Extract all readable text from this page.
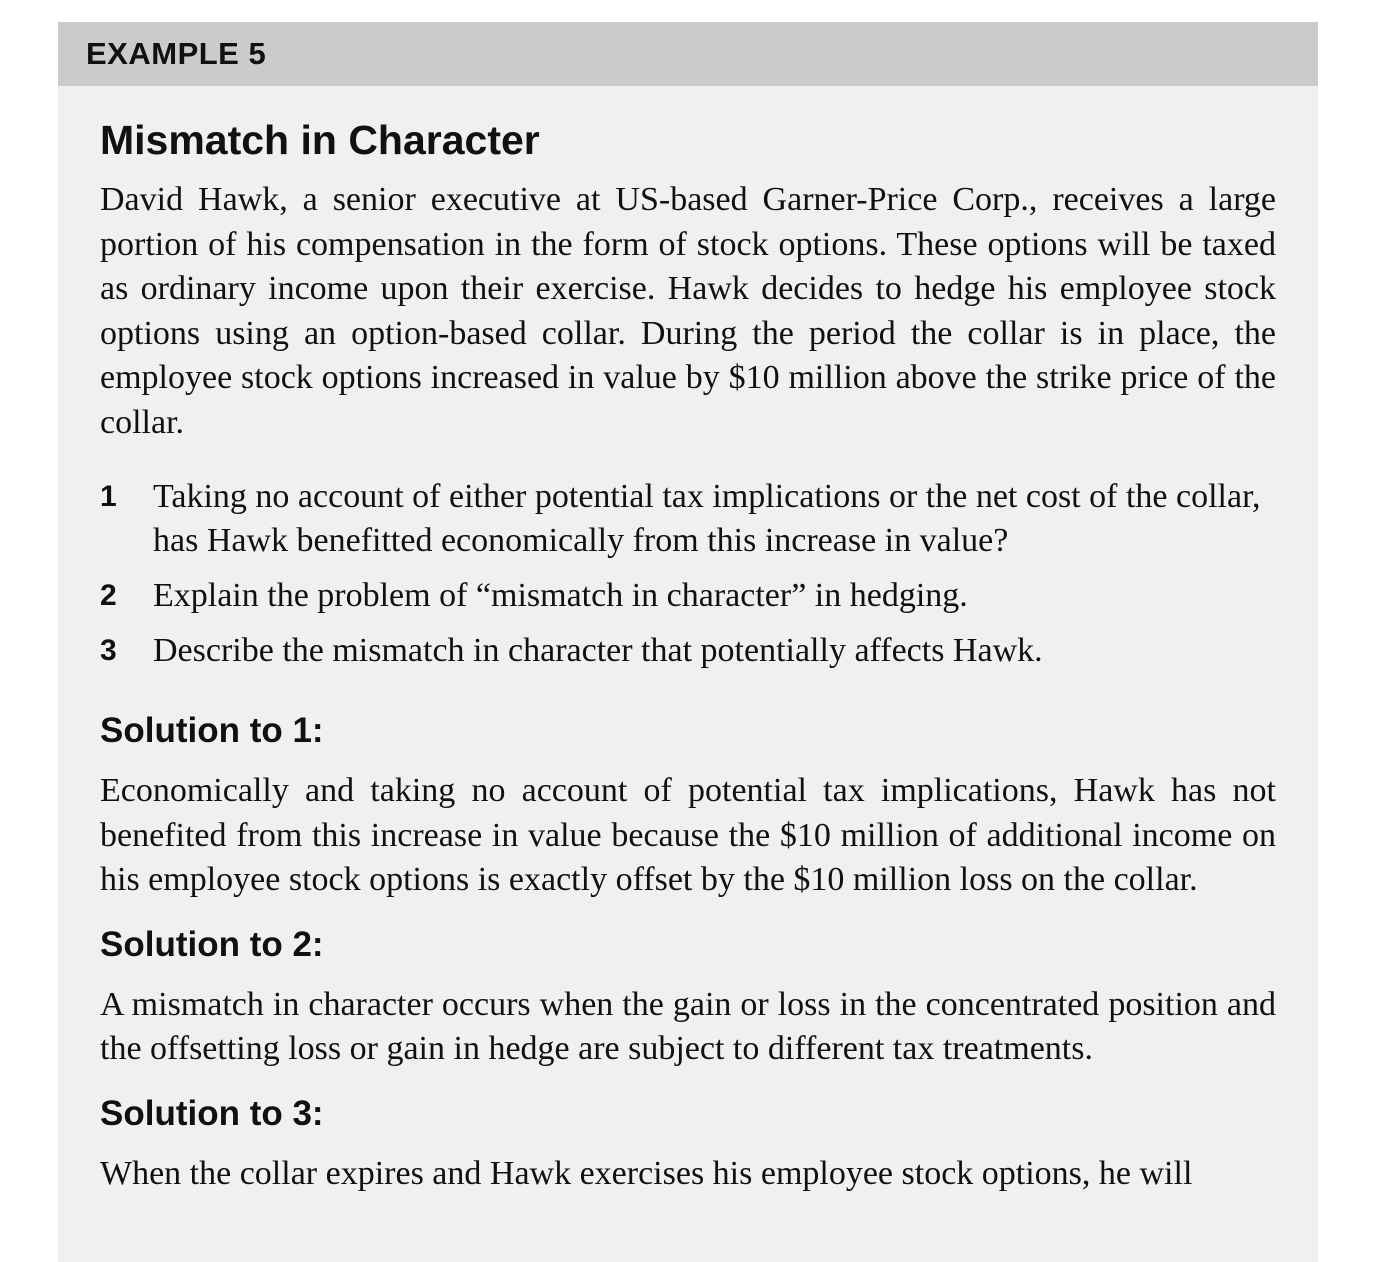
EXAMPLE 5
Mismatch in Character

David Hawk, a senior executive at US-based Garner-Price Corp., receives a large portion of his compensation in the form of stock options. These options will be taxed as ordinary income upon their exercise. Hawk decides to hedge his employee stock options using an option-based collar. During the period the collar is in place, the employee stock options increased in value by $10 million above the strike price of the collar.

1	Taking no account of either potential tax implications or the net cost of the collar, has Hawk benefitted economically from this increase in value?
2	Explain the problem of “mismatch in character” in hedging.
3	Describe the mismatch in character that potentially affects Hawk.
Solution to 1:

Economically and taking no account of potential tax implications, Hawk has not benefited from this increase in value because the $10 million of additional income on his employee stock options is exactly offset by the $10 million loss on the collar.

Solution to 2:

A mismatch in character occurs when the gain or loss in the concentrated position and the offsetting loss or gain in hedge are subject to different tax treatments.

Solution to 3:

When the collar expires and Hawk exercises his employee stock options, he will
